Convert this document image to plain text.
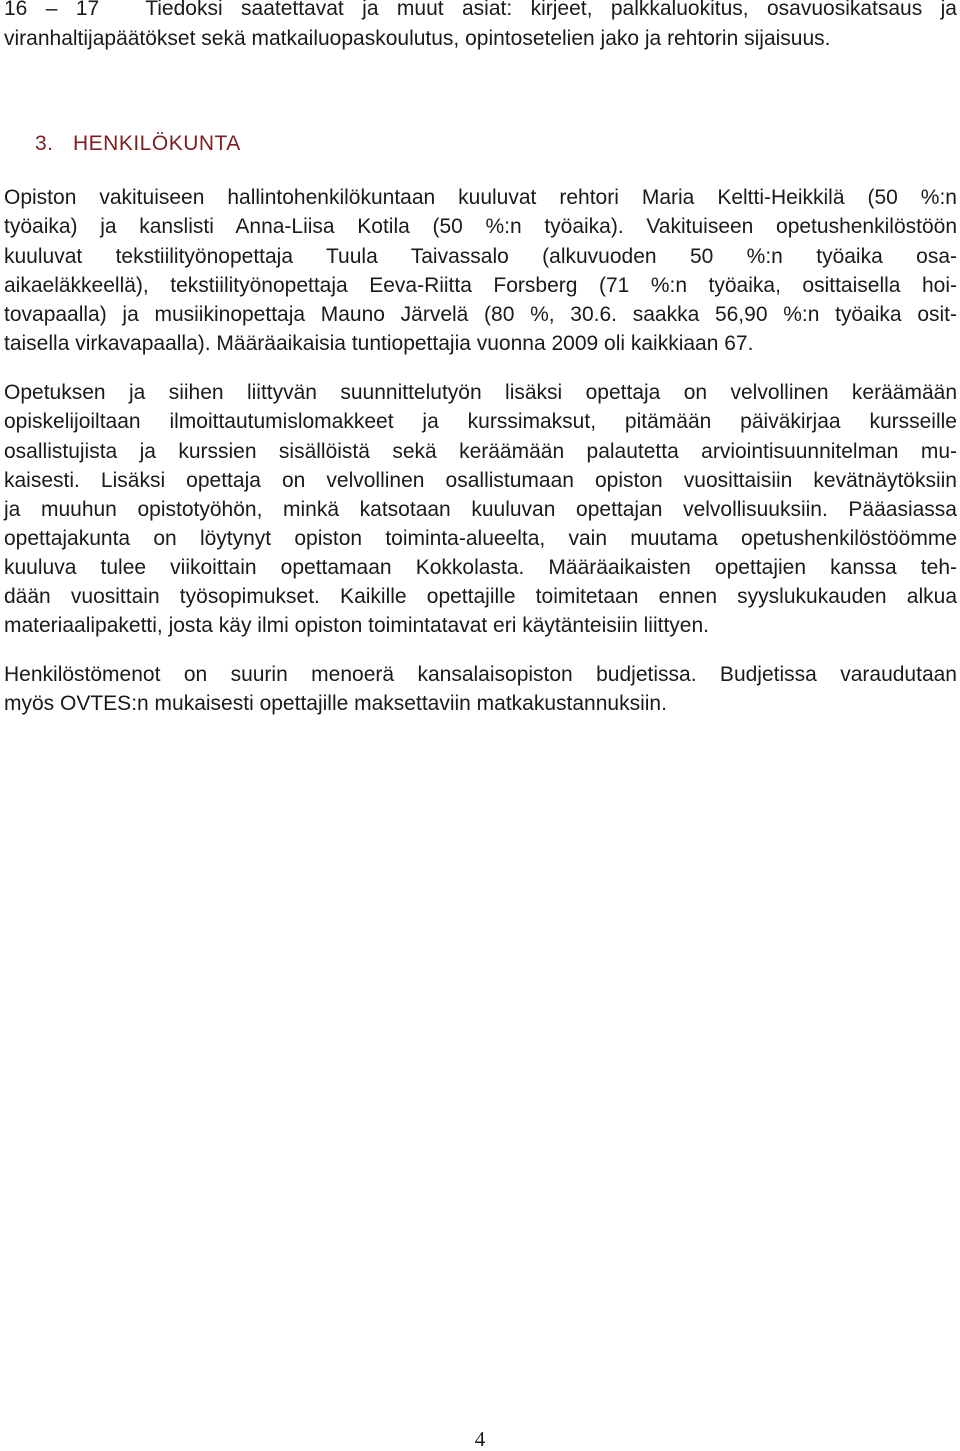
16 – 17 Tiedoksi saatettavat ja muut asiat: kirjeet, palkkaluokitus, osavuosikatsaus ja
viranhaltijapäätökset sekä matkailuopaskoulutus, opintosetelien jako ja rehtorin sijaisuus.
3. HENKILÖKUNTA
Opiston vakituiseen hallintohenkilökuntaan kuuluvat rehtori Maria Keltti-Heikkilä (50 %:n
työaika) ja kanslisti Anna-Liisa Kotila (50 %:n työaika). Vakituiseen opetushenkilöstöön
kuuluvat tekstiilityönopettaja Tuula Taivassalo (alkuvuoden 50 %:n työaika osa-
aikaeläkkeellä), tekstiilityönopettaja Eeva-Riitta Forsberg (71 %:n työaika, osittaisella hoi-
tovapaalla) ja musiikinopettaja Mauno Järvelä (80 %, 30.6. saakka 56,90 %:n työaika osit-
taisella virkavapaalla). Määräaikaisia tuntiopettajia vuonna 2009 oli kaikkiaan 67.
Opetuksen ja siihen liittyvän suunnittelutyön lisäksi opettaja on velvollinen keräämään
opiskelijoiltaan ilmoittautumislomakkeet ja kurssimaksut, pitämään päiväkirjaa kursseille
osallistujista ja kurssien sisällöistä sekä keräämään palautetta arviointisuunnitelman mu-
kaisesti. Lisäksi opettaja on velvollinen osallistumaan opiston vuosittaisiin kevätnäytöksiin
ja muuhun opistotyöhön, minkä katsotaan kuuluvan opettajan velvollisuuksiin. Pääasiassa
opettajakunta on löytynyt opiston toiminta-alueelta, vain muutama opetushenkilöstöömme
kuuluva tulee viikoittain opettamaan Kokkolasta. Määräaikaisten opettajien kanssa teh-
dään vuosittain työsopimukset. Kaikille opettajille toimitetaan ennen syyslukukauden alkua
materiaalipaketti, josta käy ilmi opiston toimintatavat eri käytänteisiin liittyen.
Henkilöstömenot on suurin menoerä kansalaisopiston budjetissa. Budjetissa varaudutaan
myös OVTES:n mukaisesti opettajille maksettaviin matkakustannuksiin.
4
